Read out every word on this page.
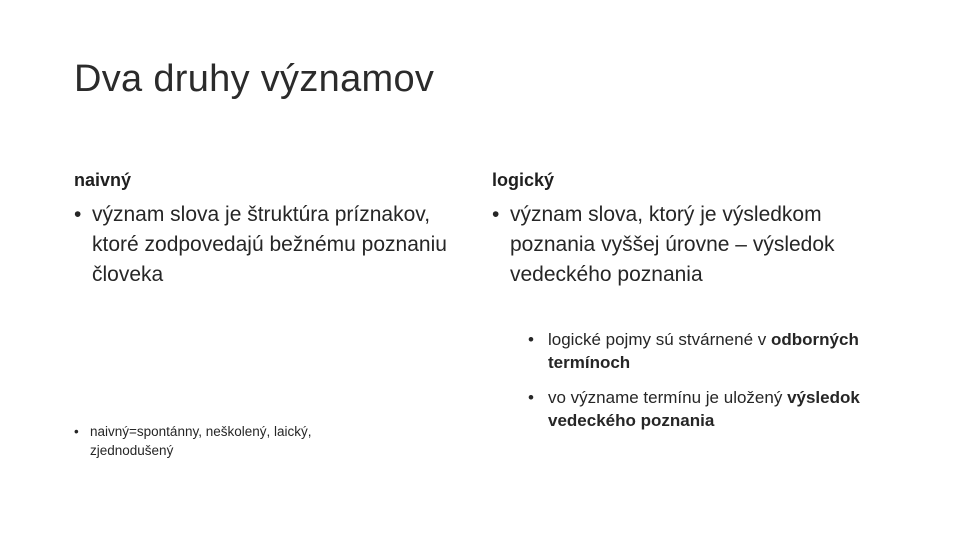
Dva druhy významov
naivný
• význam slova je štruktúra príznakov, ktoré zodpovedajú bežnému poznaniu človeka
• naivný=spontánny, neškolený, laický, zjednodušený
logický
• význam slova, ktorý je výsledkom poznania vyššej úrovne – výsledok vedeckého poznania
• logické pojmy sú stvárnené v odborných termínoch
• vo význame termínu je uložený výsledok vedeckého poznania
